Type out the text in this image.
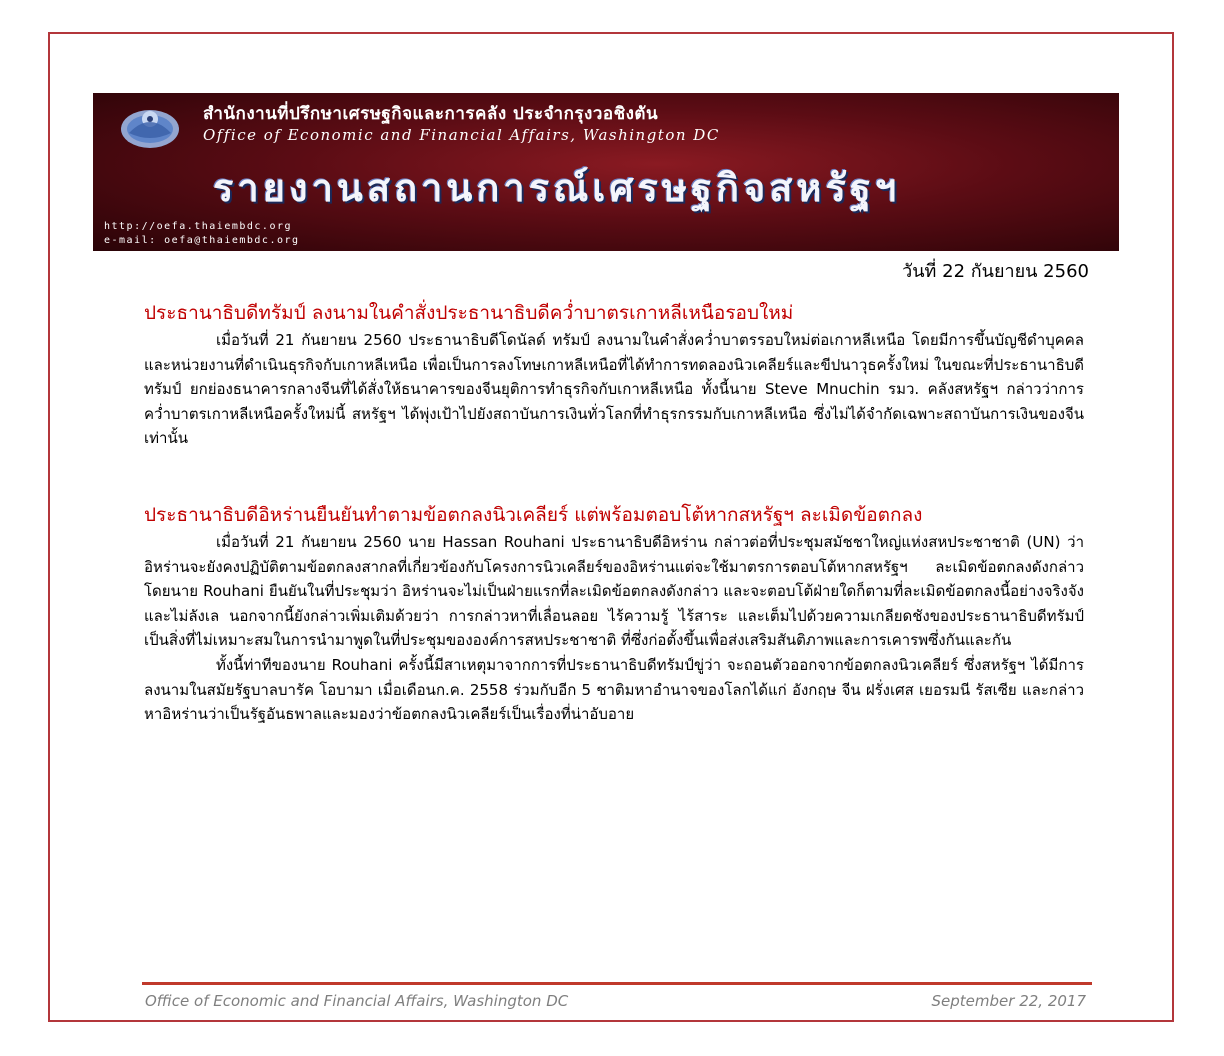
สำนักงานที่ปรึกษาเศรษฐกิจและการคลัง ประจำกรุงวอชิงตัน
Office of Economic and Financial Affairs, Washington DC
รายงานสถานการณ์เศรษฐกิจสหรัฐฯ
http://oefa.thaiembdc.org
e-mail: oefa@thaiembdc.org
วันที่ 22 กันยายน 2560
ประธานาธิบดีทรัมป์ ลงนามในคำสั่งประธานาธิบดีคว่ำบาตรเกาหลีเหนือรอบใหม่

เมื่อวันที่ 21 กันยายน 2560 ประธานาธิบดีโดนัลด์ ทรัมป์ ลงนามในคำสั่งคว่ำบาตรรอบใหม่ต่อเกาหลีเหนือ โดยมีการขึ้นบัญชีดำบุคคล และหน่วยงานที่ดำเนินธุรกิจกับเกาหลีเหนือ เพื่อเป็นการลงโทษเกาหลีเหนือที่ได้ทำการทดลองนิวเคลียร์และขีปนาวุธครั้งใหม่ ในขณะที่ประธานาธิบดีทรัมป์ ยกย่องธนาคารกลางจีนที่ได้สั่งให้ธนาคารของจีนยุติการทำธุรกิจกับเกาหลีเหนือ ทั้งนี้นาย Steve Mnuchin รมว. คลังสหรัฐฯ กล่าวว่าการคว่ำบาตรเกาหลีเหนือครั้งใหม่นี้ สหรัฐฯ ได้พุ่งเป้าไปยังสถาบันการเงินทั่วโลกที่ทำธุรกรรมกับเกาหลีเหนือ ซึ่งไม่ได้จำกัดเฉพาะสถาบันการเงินของจีนเท่านั้น

ประธานาธิบดีอิหร่านยืนยันทำตามข้อตกลงนิวเคลียร์ แต่พร้อมตอบโต้หากสหรัฐฯ ละเมิดข้อตกลง

เมื่อวันที่ 21 กันยายน 2560 นาย Hassan Rouhani ประธานาธิบดีอิหร่าน กล่าวต่อที่ประชุมสมัชชาใหญ่แห่งสหประชาชาติ (UN) ว่า อิหร่านจะยังคงปฏิบัติตามข้อตกลงสากลที่เกี่ยวข้องกับโครงการนิวเคลียร์ของอิหร่านแต่จะใช้มาตรการตอบโต้หากสหรัฐฯ ละเมิดข้อตกลงดังกล่าว โดยนาย Rouhani ยืนยันในที่ประชุมว่า อิหร่านจะไม่เป็นฝ่ายแรกที่ละเมิดข้อตกลงดังกล่าว และจะตอบโต้ฝ่ายใดก็ตามที่ละเมิดข้อตกลงนี้อย่างจริงจังและไม่ลังเล นอกจากนี้ยังกล่าวเพิ่มเติมด้วยว่า การกล่าวหาที่เลื่อนลอย ไร้ความรู้ ไร้สาระ และเต็มไปด้วยความเกลียดชังของประธานาธิบดีทรัมป์ เป็นสิ่งที่ไม่เหมาะสมในการนำมาพูดในที่ประชุมขององค์การสหประชาชาติ ที่ซึ่งก่อตั้งขึ้นเพื่อส่งเสริมสันติภาพและการเคารพซึ่งกันและกัน

ทั้งนี้ท่าทีของนาย Rouhani ครั้งนี้มีสาเหตุมาจากการที่ประธานาธิบดีทรัมป์ขู่ว่า จะถอนตัวออกจากข้อตกลงนิวเคลียร์ ซึ่งสหรัฐฯ ได้มีการลงนามในสมัยรัฐบาลบารัค โอบามา เมื่อเดือนก.ค. 2558 ร่วมกับอีก 5 ชาติมหาอำนาจของโลกได้แก่ อังกฤษ จีน ฝรั่งเศส เยอรมนี รัสเซีย และกล่าวหาอิหร่านว่าเป็นรัฐอันธพาลและมองว่าข้อตกลงนิวเคลียร์เป็นเรื่องที่น่าอับอาย

Office of Economic and Financial Affairs, Washington DC	September 22, 2017
